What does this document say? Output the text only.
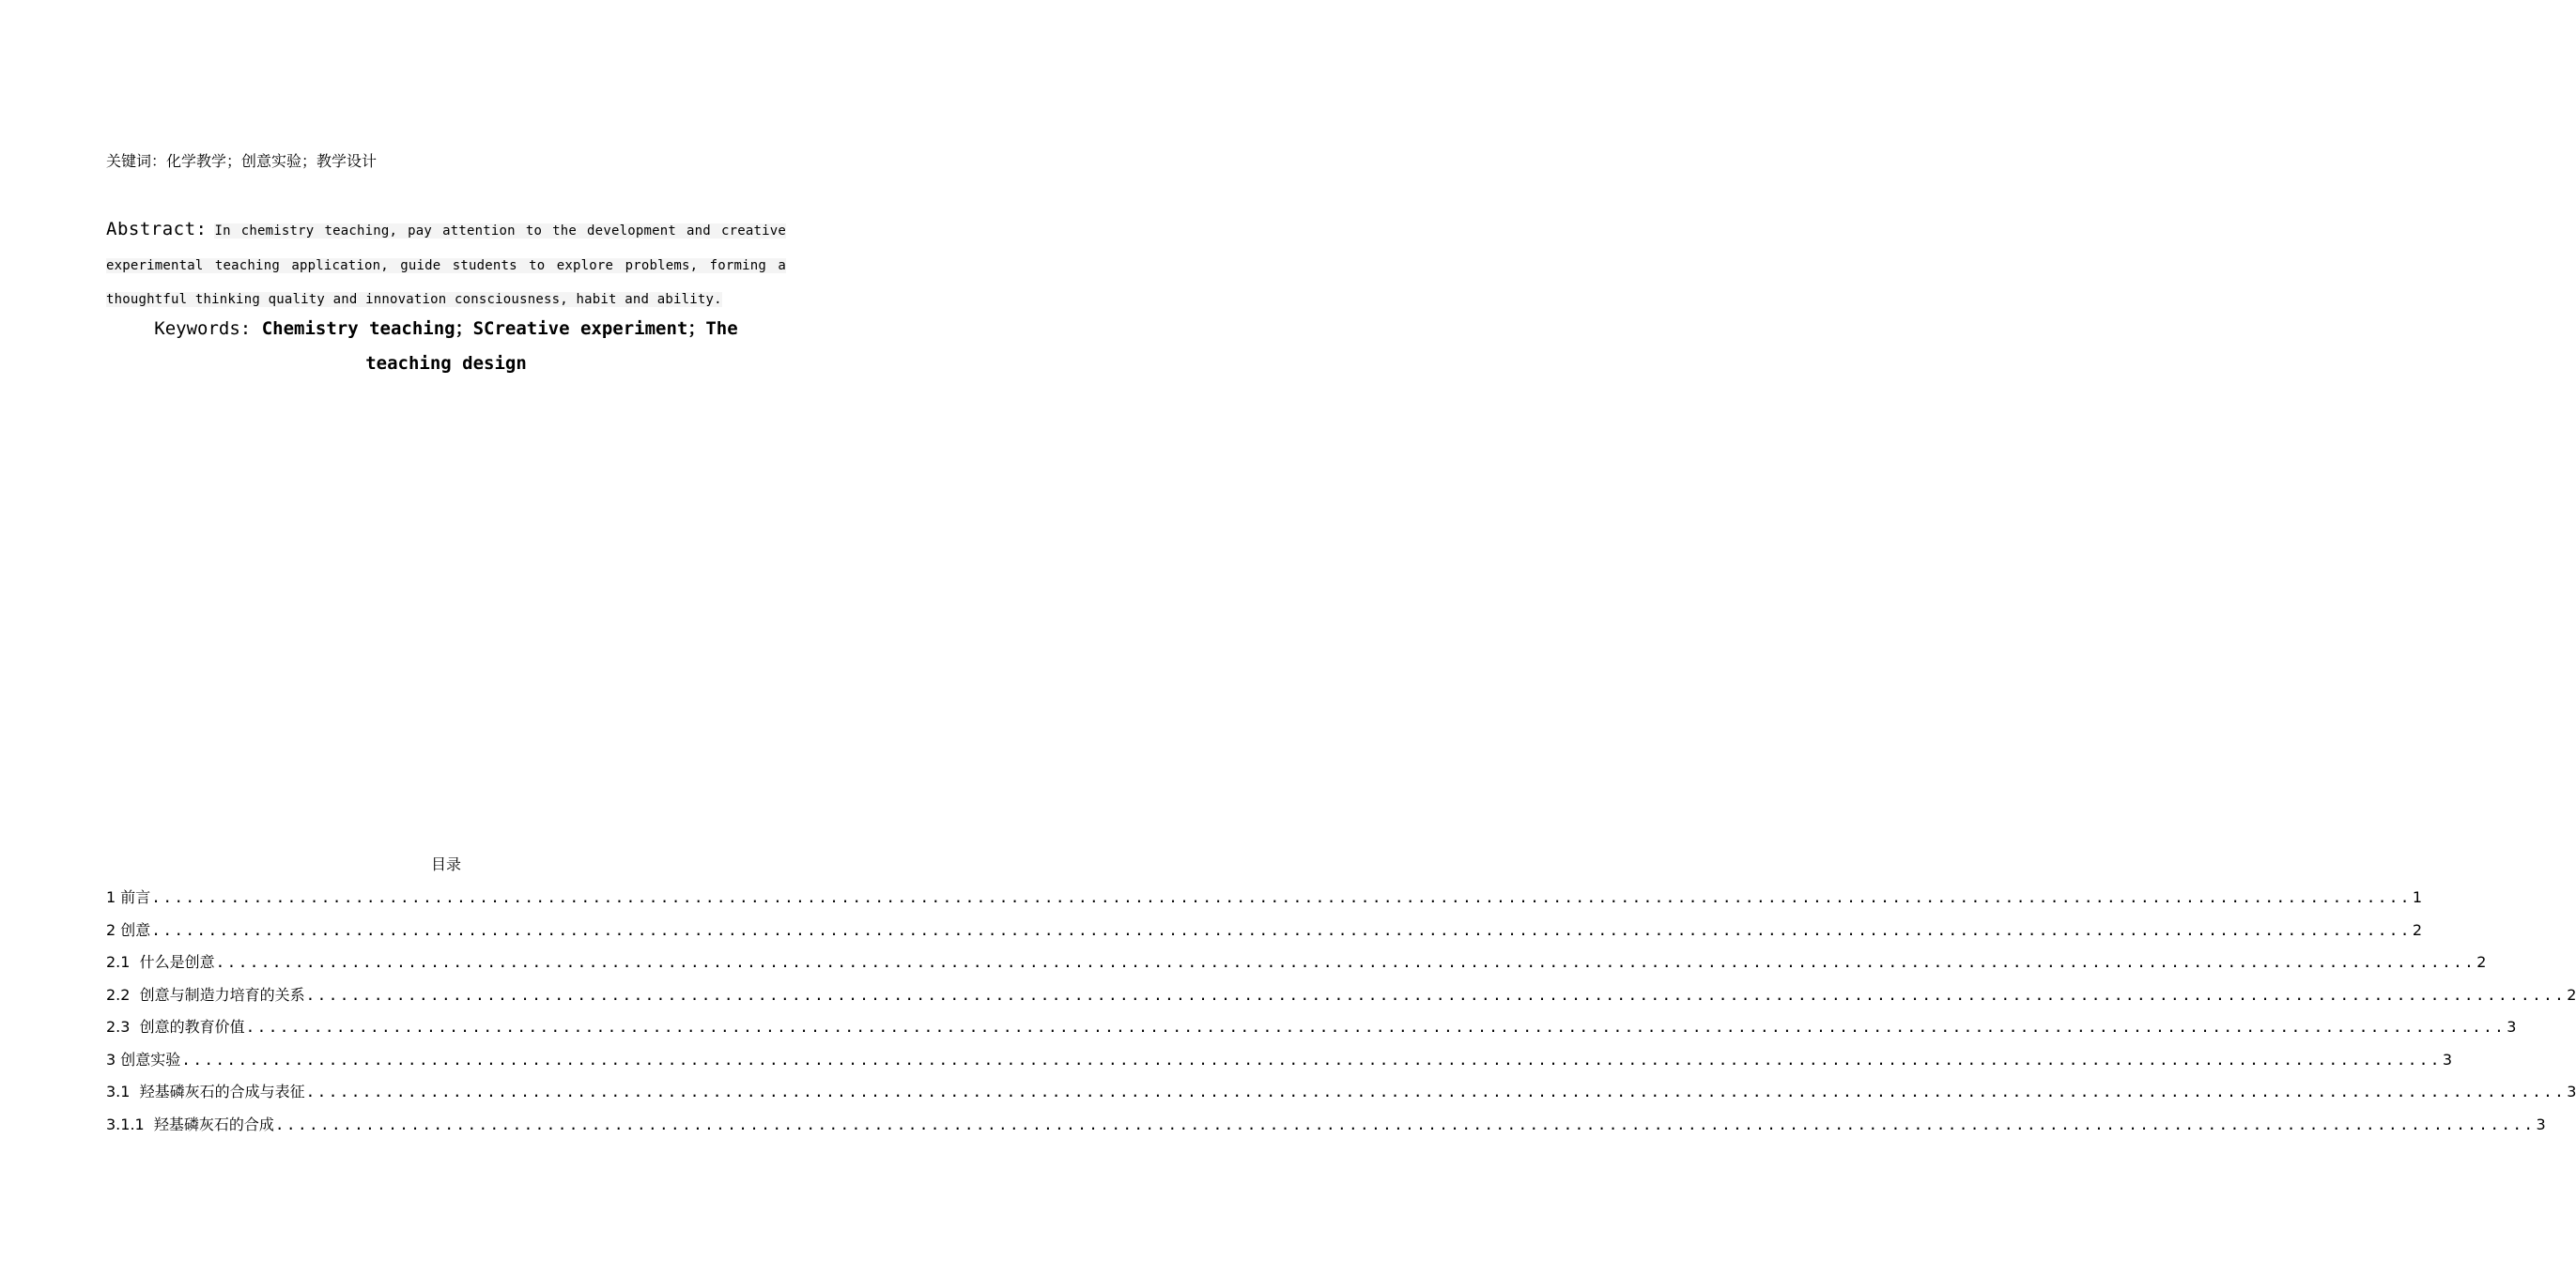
关键词：化学教学；创意实验；教学设计
Abstract: In chemistry teaching, pay attention to the development and creative experimental teaching application, guide students to explore problems, forming a thoughtful thinking quality and innovation consciousness, habit and ability.
Keywords: Chemistry teaching；SCreative experiment；The teaching design
目录
1 前言 ........................................................................................................................................................................................................ 1
2 创意 ........................................................................................................................................................................................................ 2
2.1  什么是创意 ........................................................................................................................................................................................................ 2
2.2  创意与制造力培育的关系 ........................................................................................................................................................................................................ 2
2.3  创意的教育价值 ........................................................................................................................................................................................................ 3
3 创意实验 ........................................................................................................................................................................................................ 3
3.1  羟基磷灰石的合成与表征 ........................................................................................................................................................................................................ 3
3.1.1  羟基磷灰石的合成 ........................................................................................................................................................................................................ 3
